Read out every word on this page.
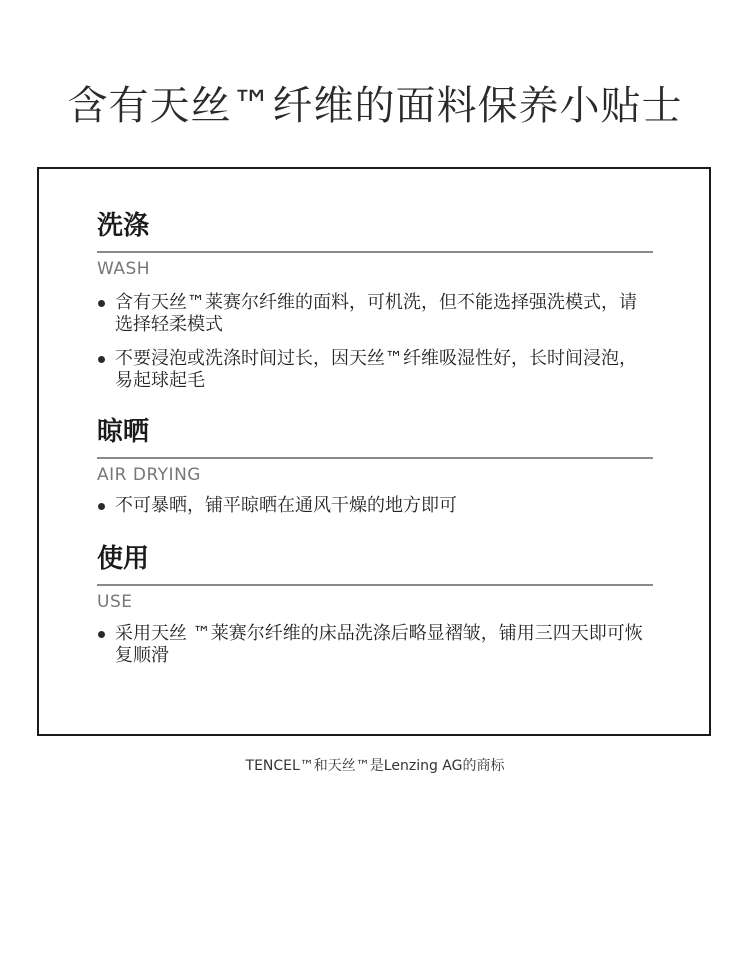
含有天丝™纤维的面料保养小贴士
洗涤
WASH
含有天丝™莱赛尔纤维的面料，可机洗，但不能选择强洗模式，请选择轻柔模式
不要浸泡或洗涤时间过长，因天丝™纤维吸湿性好，长时间浸泡，易起球起毛
晾晒
AIR DRYING
不可暴晒，铺平晾晒在通风干燥的地方即可
使用
USE
采用天丝 ™莱赛尔纤维的床品洗涤后略显褶皱，铺用三四天即可恢复顺滑
TENCEL™和天丝™是Lenzing AG的商标
